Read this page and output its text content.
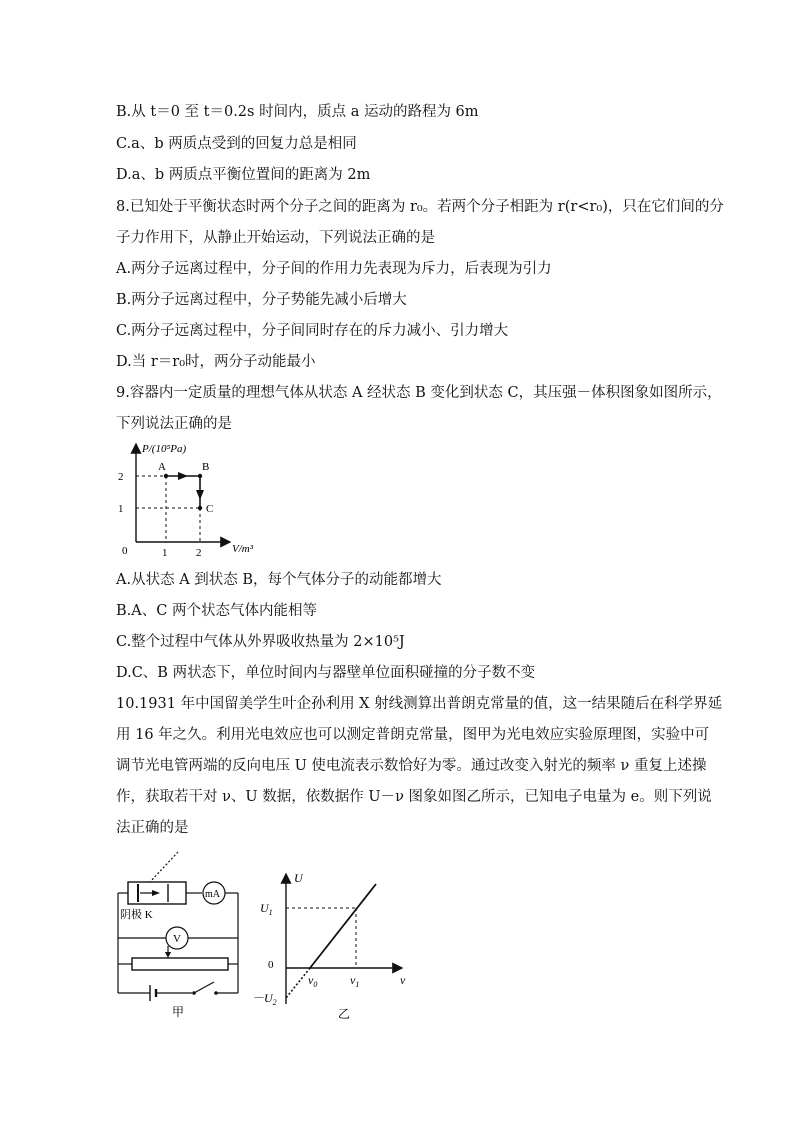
B.从 t＝0 至 t＝0.2s 时间内，质点 a 运动的路程为 6m
C.a、b 两质点受到的回复力总是相同
D.a、b 两质点平衡位置间的距离为 2m
8.已知处于平衡状态时两个分子之间的距离为 r₀。若两个分子相距为 r(r<r₀)，只在它们间的分
子力作用下，从静止开始运动，下列说法正确的是
A.两分子远离过程中，分子间的作用力先表现为斥力，后表现为引力
B.两分子远离过程中，分子势能先减小后增大
C.两分子远离过程中，分子间同时存在的斥力减小、引力增大
D.当 r＝r₀时，两分子动能最小
9.容器内一定质量的理想气体从状态 A 经状态 B 变化到状态 C，其压强－体积图象如图所示，
下列说法正确的是
P/(10⁵Pa)
V/m³
0	1	2
2
1
A	B
C
A.从状态 A 到状态 B，每个气体分子的动能都增大
B.A、C 两个状态气体内能相等
C.整个过程中气体从外界吸收热量为 2×10⁵J
D.C、B 两状态下，单位时间内与器壁单位面积碰撞的分子数不变
10.1931 年中国留美学生叶企孙利用 X 射线测算出普朗克常量的值，这一结果随后在科学界延
用 16 年之久。利用光电效应也可以测定普朗克常量，图甲为光电效应实验原理图，实验中可
调节光电管两端的反向电压 U 使电流表示数恰好为零。通过改变入射光的频率 ν 重复上述操
作，获取若干对 ν、U 数据，依数据作 U－ν 图象如图乙所示，已知电子电量为 e。则下列说
法正确的是
mA
阴极 K
V
甲
U
ν
0
$U_1$
$-U_2$
$\nu_0$	$\nu_1$
乙
